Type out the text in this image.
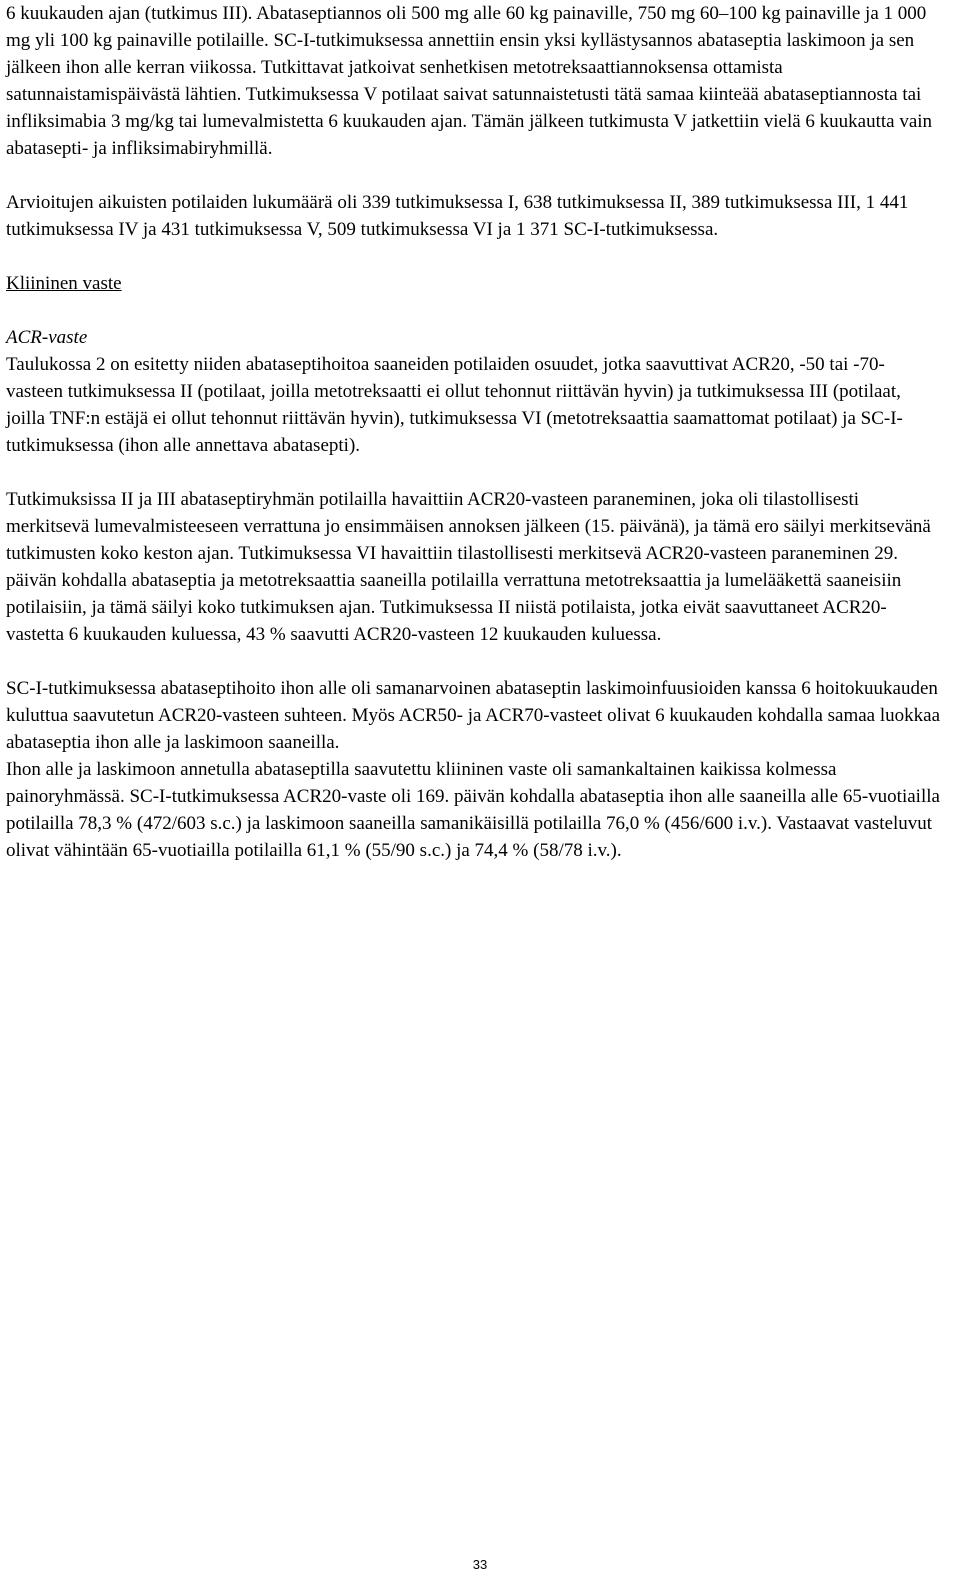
6 kuukauden ajan (tutkimus III). Abataseptiannos oli 500 mg alle 60 kg painaville, 750 mg 60–100 kg painaville ja 1 000 mg yli 100 kg painaville potilaille. SC-I-tutkimuksessa annettiin ensin yksi kyllästysannos abataseptia laskimoon ja sen jälkeen ihon alle kerran viikossa. Tutkittavat jatkoivat senhetkisen metotreksaattiannoksensa ottamista satunnaistamispäivästä lähtien. Tutkimuksessa V potilaat saivat satunnaistetusti tätä samaa kiinteää abataseptiannosta tai infliksimabia 3 mg/kg tai lumevalmistetta 6 kuukauden ajan. Tämän jälkeen tutkimusta V jatkettiin vielä 6 kuukautta vain abatasepti- ja infliksimabiryhmillä.

Arvioitujen aikuisten potilaiden lukumäärä oli 339 tutkimuksessa I, 638 tutkimuksessa II, 389 tutkimuksessa III, 1 441 tutkimuksessa IV ja 431 tutkimuksessa V, 509 tutkimuksessa VI ja 1 371 SC-I-tutkimuksessa.

Kliininen vaste

ACR-vaste

Taulukossa 2 on esitetty niiden abataseptihoitoa saaneiden potilaiden osuudet, jotka saavuttivat ACR20, -50 tai -70-vasteen tutkimuksessa II (potilaat, joilla metotreksaatti ei ollut tehonnut riittävän hyvin) ja tutkimuksessa III (potilaat, joilla TNF:n estäjä ei ollut tehonnut riittävän hyvin), tutkimuksessa VI (metotreksaattia saamattomat potilaat) ja SC-I-tutkimuksessa (ihon alle annettava abatasepti).

Tutkimuksissa II ja III abataseptiryhmän potilailla havaittiin ACR20-vasteen paraneminen, joka oli tilastollisesti merkitsevä lumevalmisteeseen verrattuna jo ensimmäisen annoksen jälkeen (15. päivänä), ja tämä ero säilyi merkitsevänä tutkimusten koko keston ajan. Tutkimuksessa VI havaittiin tilastollisesti merkitsevä ACR20-vasteen paraneminen 29. päivän kohdalla abataseptia ja metotreksaattia saaneilla potilailla verrattuna metotreksaattia ja lumelääkettä saaneisiin potilaisiin, ja tämä säilyi koko tutkimuksen ajan. Tutkimuksessa II niistä potilaista, jotka eivät saavuttaneet ACR20-vastetta 6 kuukauden kuluessa, 43 % saavutti ACR20-vasteen 12 kuukauden kuluessa.

SC-I-tutkimuksessa abataseptihoito ihon alle oli samanarvoinen abataseptin laskimoinfuusioiden kanssa 6 hoitokuukauden kuluttua saavutetun ACR20-vasteen suhteen. Myös ACR50- ja ACR70-vasteet olivat 6 kuukauden kohdalla samaa luokkaa abataseptia ihon alle ja laskimoon saaneilla.

Ihon alle ja laskimoon annetulla abataseptilla saavutettu kliininen vaste oli samankaltainen kaikissa kolmessa painoryhmässä. SC-I-tutkimuksessa ACR20-vaste oli 169. päivän kohdalla abataseptia ihon alle saaneilla alle 65-vuotiailla potilailla 78,3 % (472/603 s.c.) ja laskimoon saaneilla samanikäisillä potilailla 76,0 % (456/600 i.v.). Vastaavat vasteluvut olivat vähintään 65-vuotiailla potilailla 61,1 % (55/90 s.c.) ja 74,4 % (58/78 i.v.).

33
